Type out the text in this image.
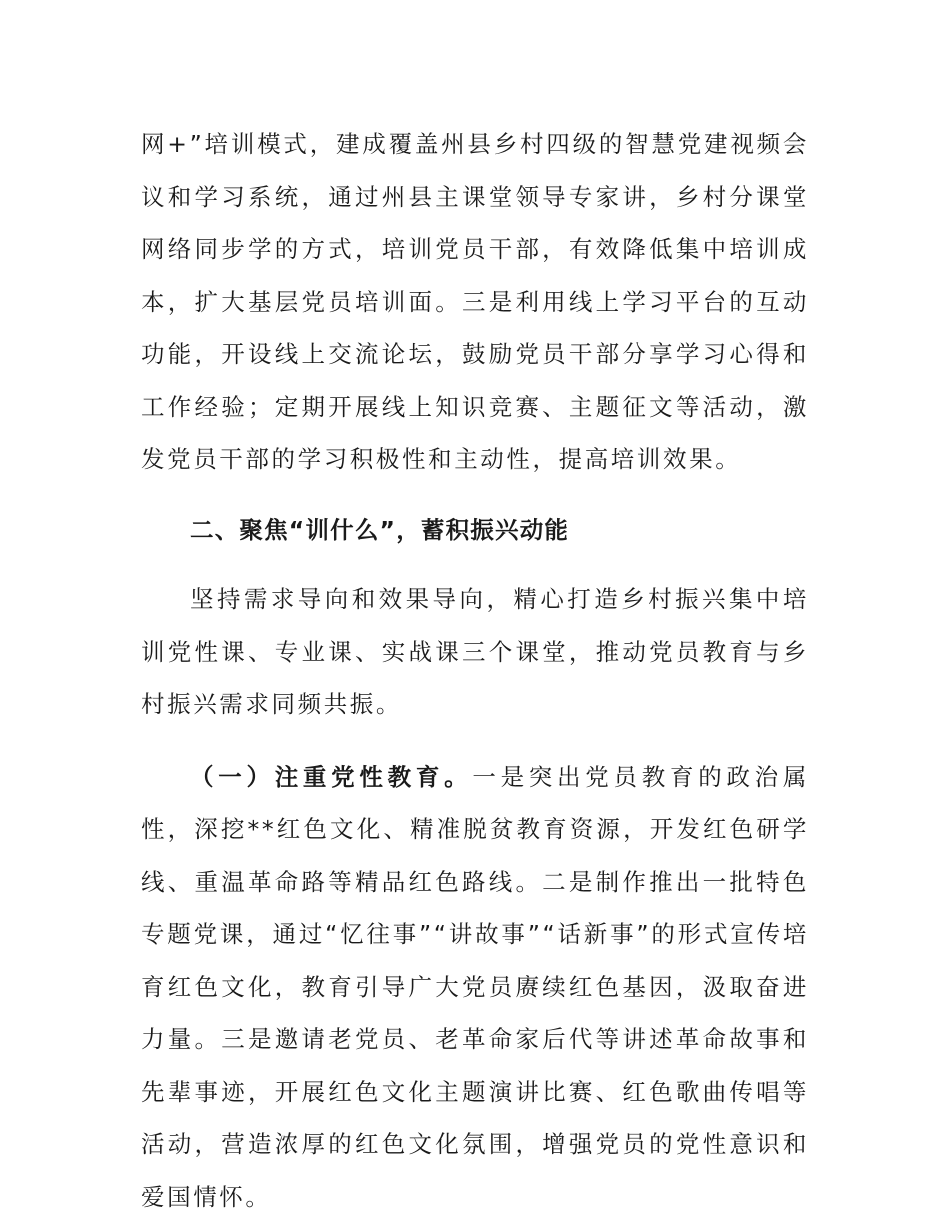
网+”培训模式，建成覆盖州县乡村四级的智慧党建视频会议和学习系统，通过州县主课堂领导专家讲，乡村分课堂网络同步学的方式，培训党员干部，有效降低集中培训成本，扩大基层党员培训面。三是利用线上学习平台的互动功能，开设线上交流论坛，鼓励党员干部分享学习心得和工作经验；定期开展线上知识竞赛、主题征文等活动，激发党员干部的学习积极性和主动性，提高培训效果。

二、聚焦“训什么”，蓄积振兴动能

坚持需求导向和效果导向，精心打造乡村振兴集中培训党性课、专业课、实战课三个课堂，推动党员教育与乡村振兴需求同频共振。

（一）注重党性教育。一是突出党员教育的政治属性，深挖**红色文化、精准脱贫教育资源，开发红色研学线、重温革命路等精品红色路线。二是制作推出一批特色专题党课，通过“忆往事”“讲故事”“话新事”的形式宣传培育红色文化，教育引导广大党员赓续红色基因，汲取奋进力量。三是邀请老党员、老革命家后代等讲述革命故事和先辈事迹，开展红色文化主题演讲比赛、红色歌曲传唱等活动，营造浓厚的红色文化氛围，增强党员的党性意识和爱国情怀。
